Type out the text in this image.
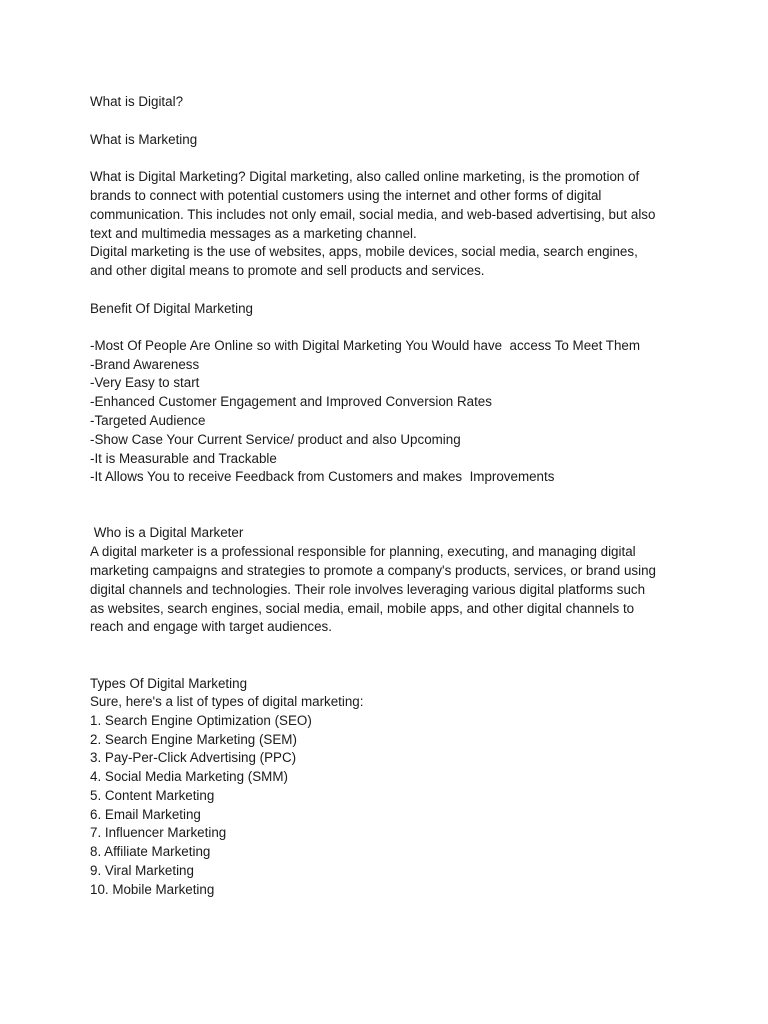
What is Digital?
What is Marketing
What is Digital Marketing? Digital marketing, also called online marketing, is the promotion of
brands to connect with potential customers using the internet and other forms of digital
communication. This includes not only email, social media, and web-based advertising, but also
text and multimedia messages as a marketing channel.
Digital marketing is the use of websites, apps, mobile devices, social media, search engines,
and other digital means to promote and sell products and services.
Benefit Of Digital Marketing
-Most Of People Are Online so with Digital Marketing You Would have  access To Meet Them
-Brand Awareness
-Very Easy to start
-Enhanced Customer Engagement and Improved Conversion Rates
-Targeted Audience
-Show Case Your Current Service/ product and also Upcoming
-It is Measurable and Trackable
-It Allows You to receive Feedback from Customers and makes  Improvements
Who is a Digital Marketer
A digital marketer is a professional responsible for planning, executing, and managing digital
marketing campaigns and strategies to promote a company's products, services, or brand using
digital channels and technologies. Their role involves leveraging various digital platforms such
as websites, search engines, social media, email, mobile apps, and other digital channels to
reach and engage with target audiences.
Types Of Digital Marketing
Sure, here's a list of types of digital marketing:
1. Search Engine Optimization (SEO)
2. Search Engine Marketing (SEM)
3. Pay-Per-Click Advertising (PPC)
4. Social Media Marketing (SMM)
5. Content Marketing
6. Email Marketing
7. Influencer Marketing
8. Affiliate Marketing
9. Viral Marketing
10. Mobile Marketing
